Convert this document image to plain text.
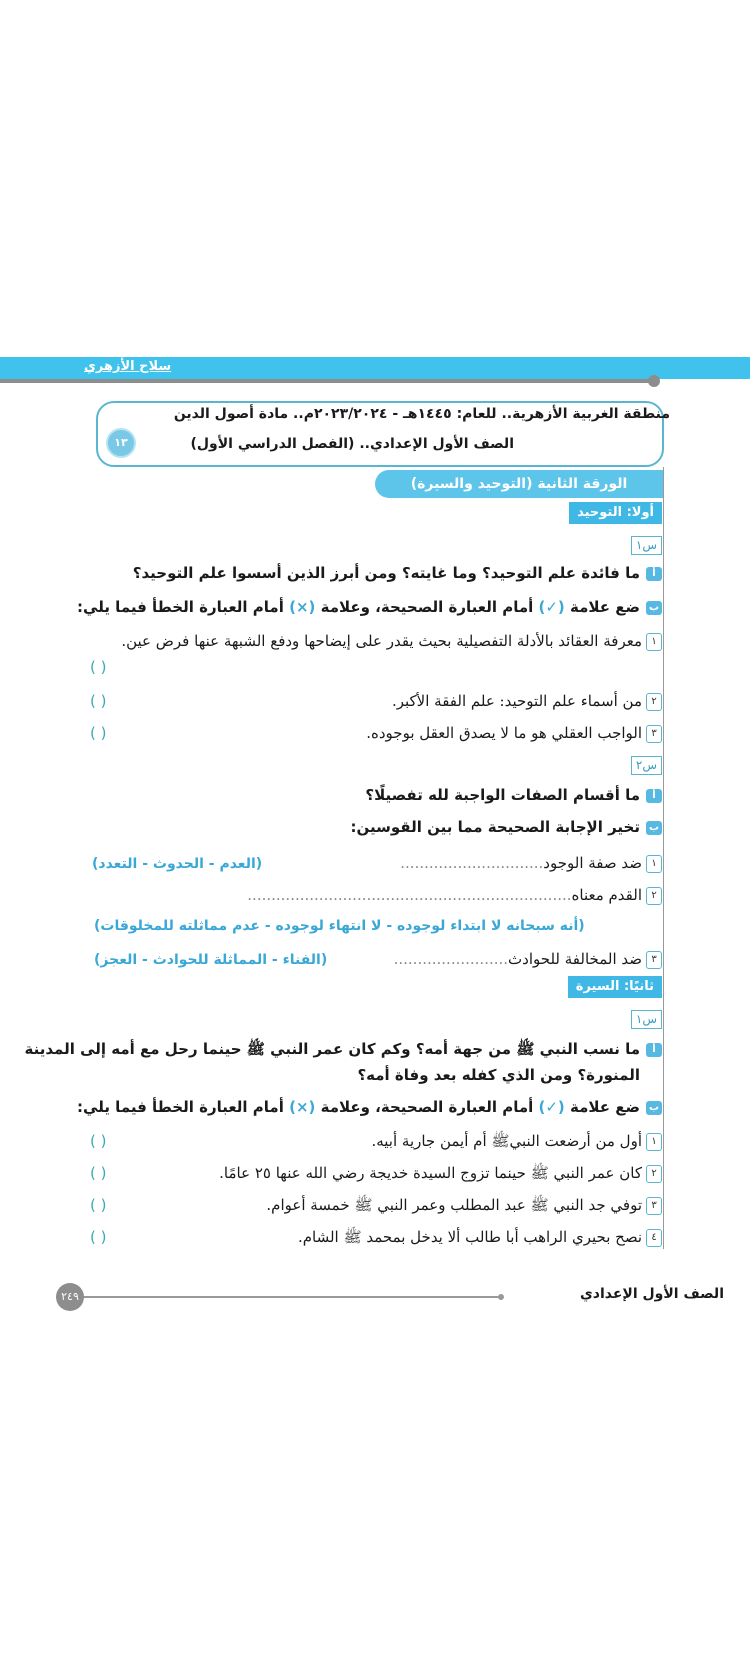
سلاح الأزهري
منطقة الغربية الأزهرية.. للعام: ١٤٤٥هـ - ٢٠٢٣/٢٠٢٤م.. مادة أصول الدين
الصف الأول الإعدادي.. (الفصل الدراسي الأول)
١٣
الورقة الثانية (التوحيد والسيرة)
أولا: التوحيد
س١
أما فائدة علم التوحيد؟ وما غايته؟ ومن أبرز الذين أسسوا علم التوحيد؟
بضع علامة (✓) أمام العبارة الصحيحة، وعلامة (×) أمام العبارة الخطأ فيما يلي:
١معرفة العقائد بالأدلة التفصيلية بحيث يقدر على إيضاحها ودفع الشبهة عنها فرض عين.
( )
٢من أسماء علم التوحيد: علم الفقة الأكبر.
( )
٣الواجب العقلي هو ما لا يصدق العقل بوجوده.
( )
س٢
أما أقسام الصفات الواجبة لله تفصيلًا؟
بتخير الإجابة الصحيحة مما بين القوسين:
١ضد صفة الوجود..............................
(العدم - الحدوث - التعدد)
٢القدم معناه....................................................................
(أنه سبحانه لا ابتداء لوجوده - لا انتهاء لوجوده - عدم مماثلته للمخلوقات)
٣ضد المخالفة للحوادث........................
(الفناء - المماثلة للحوادث - العجز)
ثانيًا: السيرة
س١
أما نسب النبي ﷺ من جهة أمه؟ وكم كان عمر النبي ﷺ حينما رحل مع أمه إلى المدينة
المنورة؟ ومن الذي كفله بعد وفاة أمه؟
بضع علامة (✓) أمام العبارة الصحيحة، وعلامة (×) أمام العبارة الخطأ فيما يلي:
١أول من أرضعت النبيﷺ أم أيمن جارية أبيه.
( )
٢كان عمر النبي ﷺ حينما تزوج السيدة خديجة رضي الله عنها ٢٥ عامًا.
( )
٣توفي جد النبي ﷺ عبد المطلب وعمر النبي ﷺ خمسة أعوام.
( )
٤نصح بحيري الراهب أبا طالب ألا يدخل بمحمد ﷺ الشام.
( )
٢٤٩	الصف الأول الإعدادي
